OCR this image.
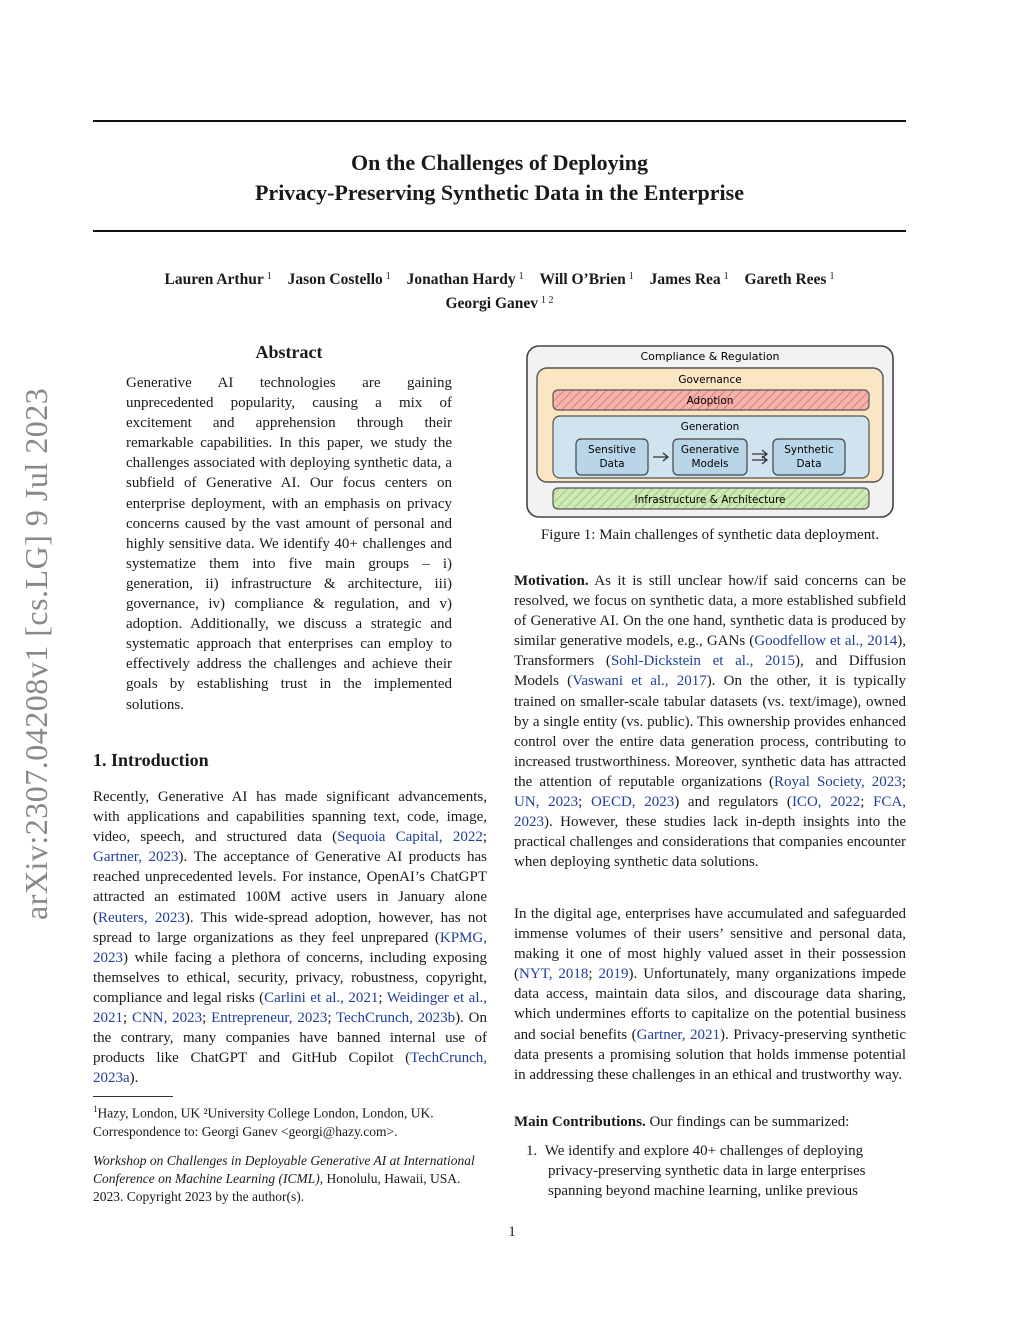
arXiv:2307.04208v1 [cs.LG] 9 Jul 2023
On the Challenges of Deploying
Privacy-Preserving Synthetic Data in the Enterprise
Lauren Arthur $^1$ Jason Costello $^1$ Jonathan Hardy $^1$ Will O’Brien $^1$ James Rea $^1$ Gareth Rees $^1$
Georgi Ganev $^{1 2}$
Abstract
Generative AI technologies are gaining unprecedented popularity, causing a mix of excitement and apprehension through their remarkable capabilities. In this paper, we study the challenges associated with deploying synthetic data, a subfield of Generative AI. Our focus centers on enterprise deployment, with an emphasis on privacy concerns caused by the vast amount of personal and highly sensitive data. We identify 40+ challenges and systematize them into five main groups – i) generation, ii) infrastructure & architecture, iii) governance, iv) compliance & regulation, and v) adoption. Additionally, we discuss a strategic and systematic approach that enterprises can employ to effectively address the challenges and achieve their goals by establishing trust in the implemented solutions.
1. Introduction

Recently, Generative AI has made significant advancements, with applications and capabilities spanning text, code, image, video, speech, and structured data (Sequoia Capital, 2022; Gartner, 2023). The acceptance of Generative AI products has reached unprecedented levels. For instance, OpenAI’s ChatGPT attracted an estimated 100M active users in January alone (Reuters, 2023). This wide-spread adoption, however, has not spread to large organizations as they feel unprepared (KPMG, 2023) while facing a plethora of concerns, including exposing themselves to ethical, security, privacy, robustness, copyright, compliance and legal risks (Carlini et al., 2021; Weidinger et al., 2021; CNN, 2023; Entrepreneur, 2023; TechCrunch, 2023b). On the contrary, many companies have banned internal use of products like ChatGPT and GitHub Copilot (TechCrunch, 2023a).

$^1$Hazy, London, UK ²University College London, London, UK. Correspondence to: Georgi Ganev <georgi@hazy.com>.
Workshop on Challenges in Deployable Generative AI at International Conference on Machine Learning (ICML), Honolulu, Hawaii, USA. 2023. Copyright 2023 by the author(s).
Compliance & Regulation
Governance
Adoption
Generation
Sensitive
Data
Generative
Models
Synthetic
Data
Infrastructure & Architecture
Figure 1: Main challenges of synthetic data deployment.

Motivation. As it is still unclear how/if said concerns can be resolved, we focus on synthetic data, a more established subfield of Generative AI. On the one hand, synthetic data is produced by similar generative models, e.g., GANs (Goodfellow et al., 2014), Transformers (Sohl-Dickstein et al., 2015), and Diffusion Models (Vaswani et al., 2017). On the other, it is typically trained on smaller-scale tabular datasets (vs. text/image), owned by a single entity (vs. public). This ownership provides enhanced control over the entire data generation process, contributing to increased trustworthiness. Moreover, synthetic data has attracted the attention of reputable organizations (Royal Society, 2023; UN, 2023; OECD, 2023) and regulators (ICO, 2022; FCA, 2023). However, these studies lack in-depth insights into the practical challenges and considerations that companies encounter when deploying synthetic data solutions.

In the digital age, enterprises have accumulated and safeguarded immense volumes of their users’ sensitive and personal data, making it one of most highly valued asset in their possession (NYT, 2018; 2019). Unfortunately, many organizations impede data access, maintain data silos, and discourage data sharing, which undermines efforts to capitalize on the potential business and social benefits (Gartner, 2021). Privacy-preserving synthetic data presents a promising solution that holds immense potential in addressing these challenges in an ethical and trustworthy way.

Main Contributions. Our findings can be summarized:

1. We identify and explore 40+ challenges of deploying privacy-preserving synthetic data in large enterprises spanning beyond machine learning, unlike previous
1
